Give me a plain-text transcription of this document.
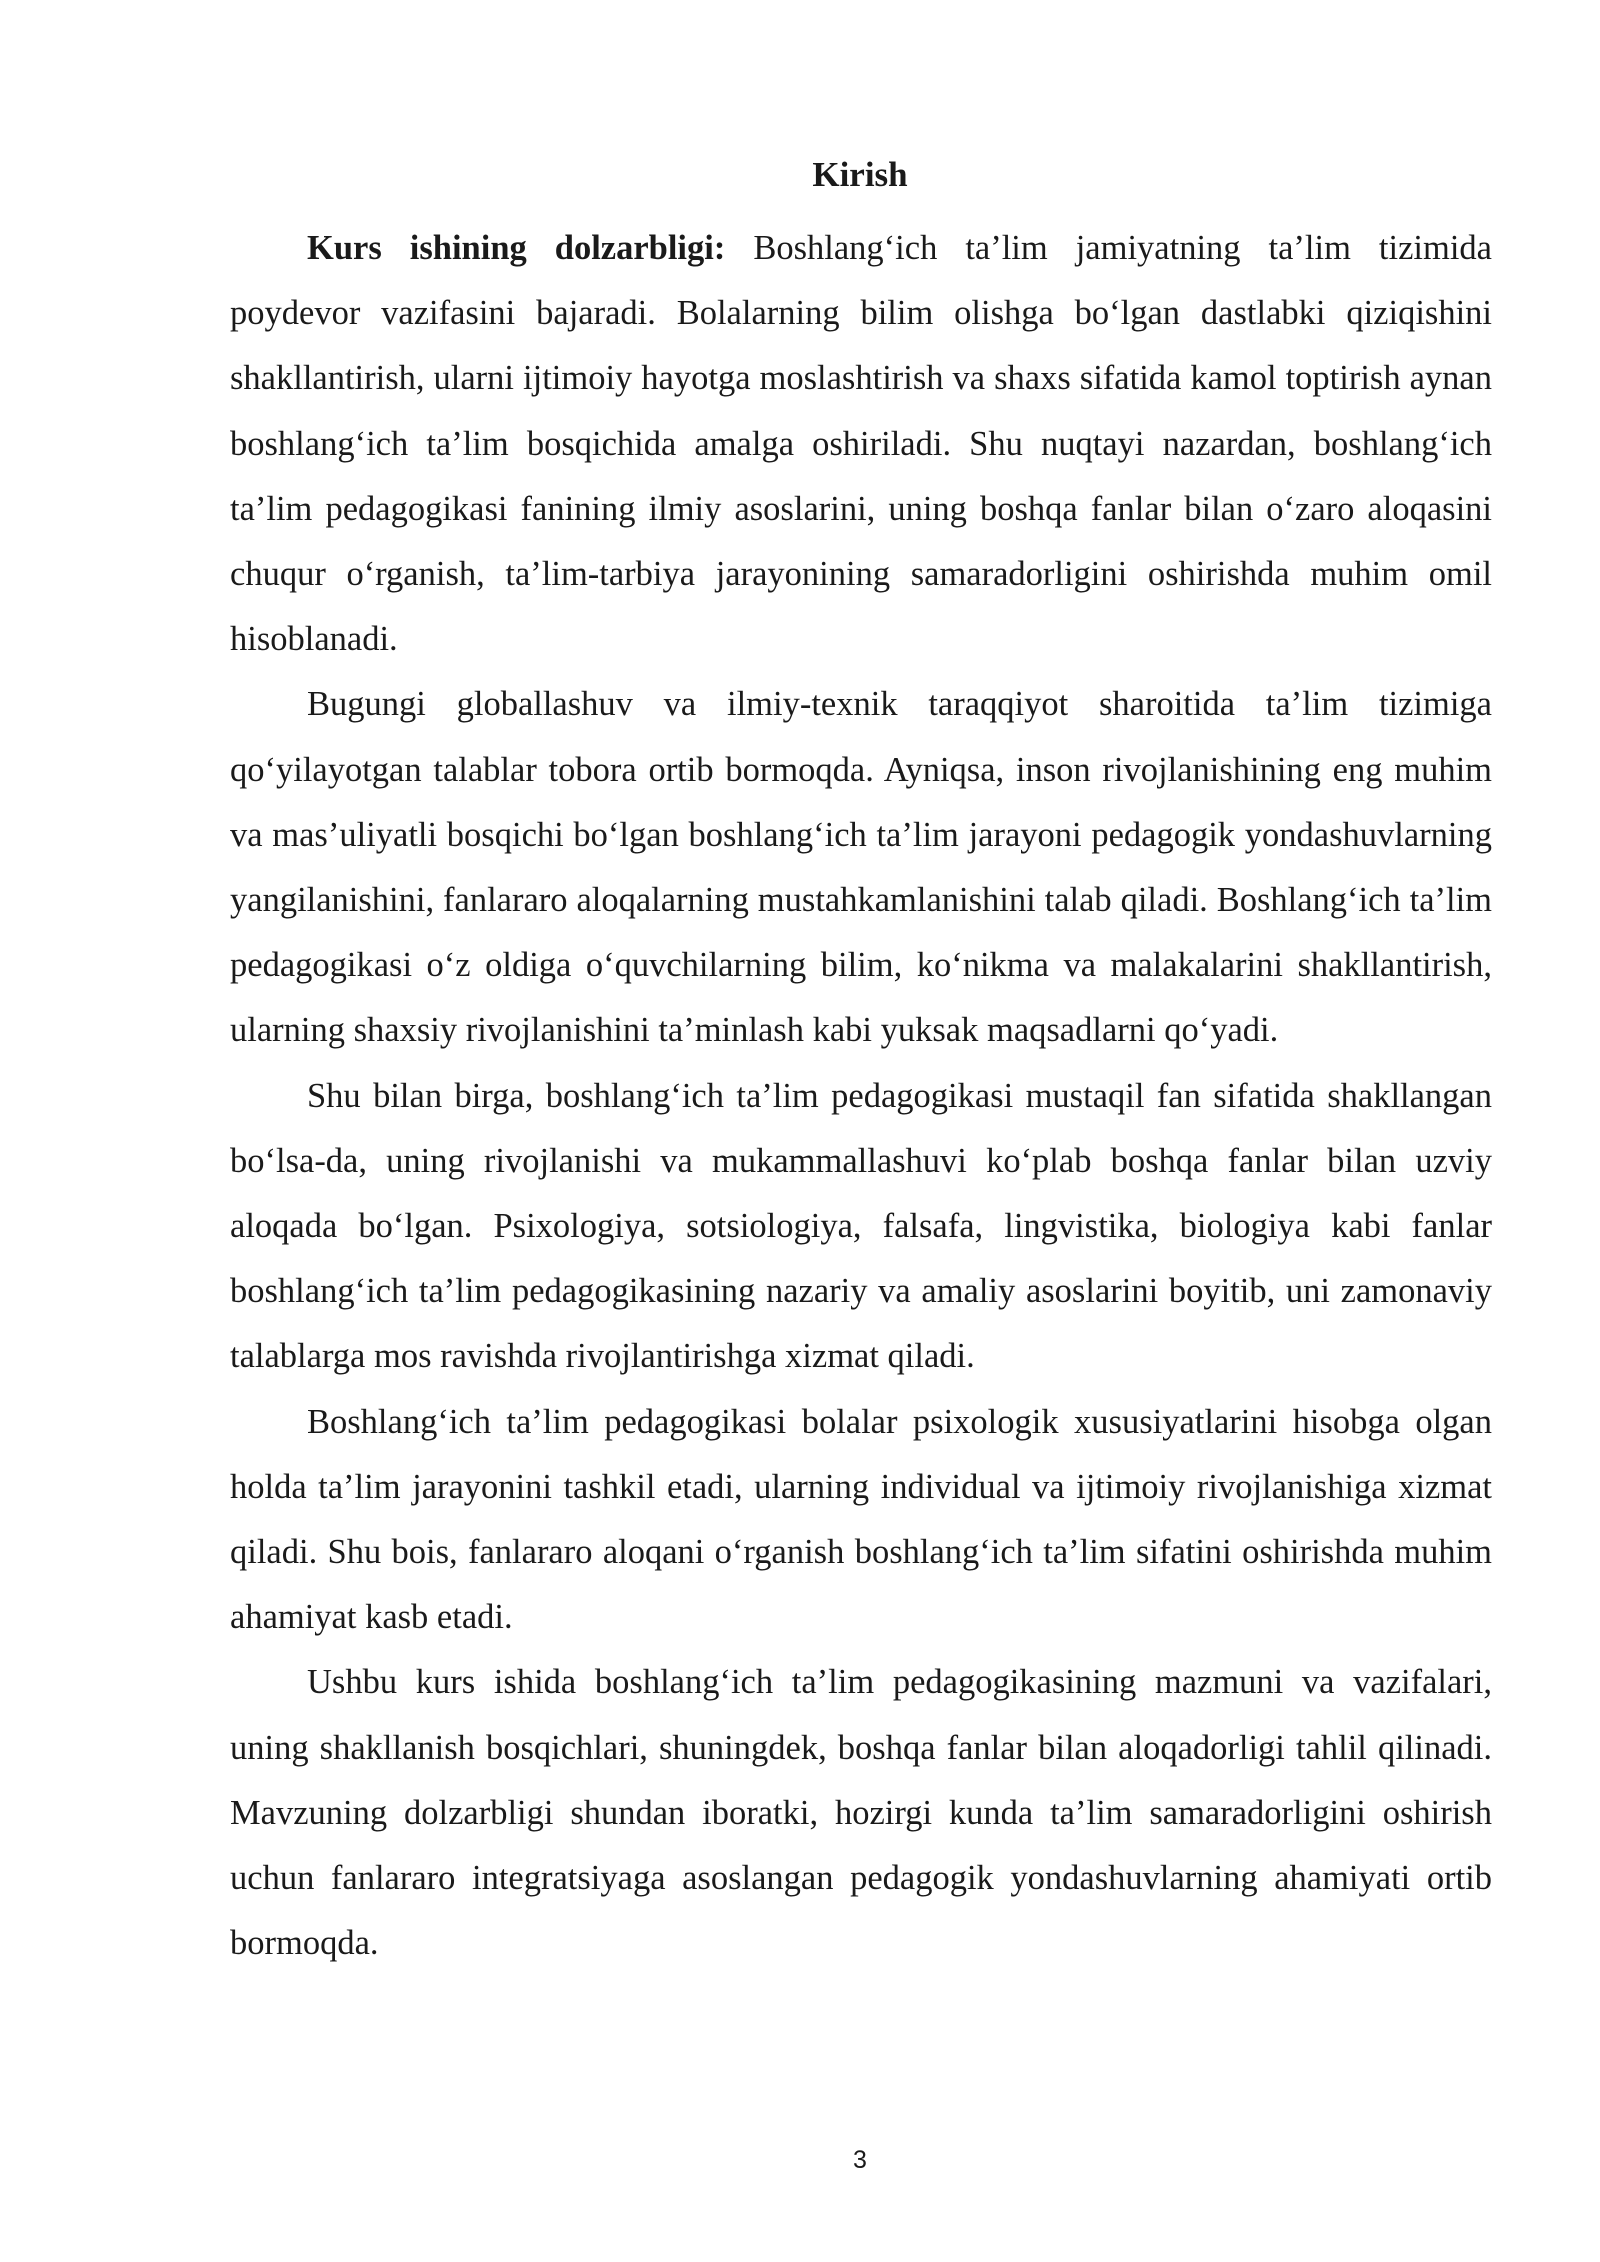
Kirish

Kurs ishining dolzarbligi: Boshlang‘ich ta’lim jamiyatning ta’lim tizimida poydevor vazifasini bajaradi. Bolalarning bilim olishga bo‘lgan dastlabki qiziqishini shakllantirish, ularni ijtimoiy hayotga moslashtirish va shaxs sifatida kamol toptirish aynan boshlang‘ich ta’lim bosqichida amalga oshiriladi. Shu nuqtayi nazardan, boshlang‘ich ta’lim pedagogikasi fanining ilmiy asoslarini, uning boshqa fanlar bilan o‘zaro aloqasini chuqur o‘rganish, ta’lim-tarbiya jarayonining samaradorligini oshirishda muhim omil hisoblanadi.

Bugungi globallashuv va ilmiy-texnik taraqqiyot sharoitida ta’lim tizimiga qo‘yilayotgan talablar tobora ortib bormoqda. Ayniqsa, inson rivojlanishining eng muhim va mas’uliyatli bosqichi bo‘lgan boshlang‘ich ta’lim jarayoni pedagogik yondashuvlarning yangilanishini, fanlararo aloqalarning mustahkamlanishini talab qiladi. Boshlang‘ich ta’lim pedagogikasi o‘z oldiga o‘quvchilarning bilim, ko‘nikma va malakalarini shakllantirish, ularning shaxsiy rivojlanishini ta’minlash kabi yuksak maqsadlarni qo‘yadi.

Shu bilan birga, boshlang‘ich ta’lim pedagogikasi mustaqil fan sifatida shakllangan bo‘lsa-da, uning rivojlanishi va mukammallashuvi ko‘plab boshqa fanlar bilan uzviy aloqada bo‘lgan. Psixologiya, sotsiologiya, falsafa, lingvistika, biologiya kabi fanlar boshlang‘ich ta’lim pedagogikasining nazariy va amaliy asoslarini boyitib, uni zamonaviy talablarga mos ravishda rivojlantirishga xizmat qiladi.

Boshlang‘ich ta’lim pedagogikasi bolalar psixologik xususiyatlarini hisobga olgan holda ta’lim jarayonini tashkil etadi, ularning individual va ijtimoiy rivojlanishiga xizmat qiladi. Shu bois, fanlararo aloqani o‘rganish boshlang‘ich ta’lim sifatini oshirishda muhim ahamiyat kasb etadi.

Ushbu kurs ishida boshlang‘ich ta’lim pedagogikasining mazmuni va vazifalari, uning shakllanish bosqichlari, shuningdek, boshqa fanlar bilan aloqadorligi tahlil qilinadi. Mavzuning dolzarbligi shundan iboratki, hozirgi kunda ta’lim samaradorligini oshirish uchun fanlararo integratsiyaga asoslangan pedagogik yondashuvlarning ahamiyati ortib bormoqda.

3
